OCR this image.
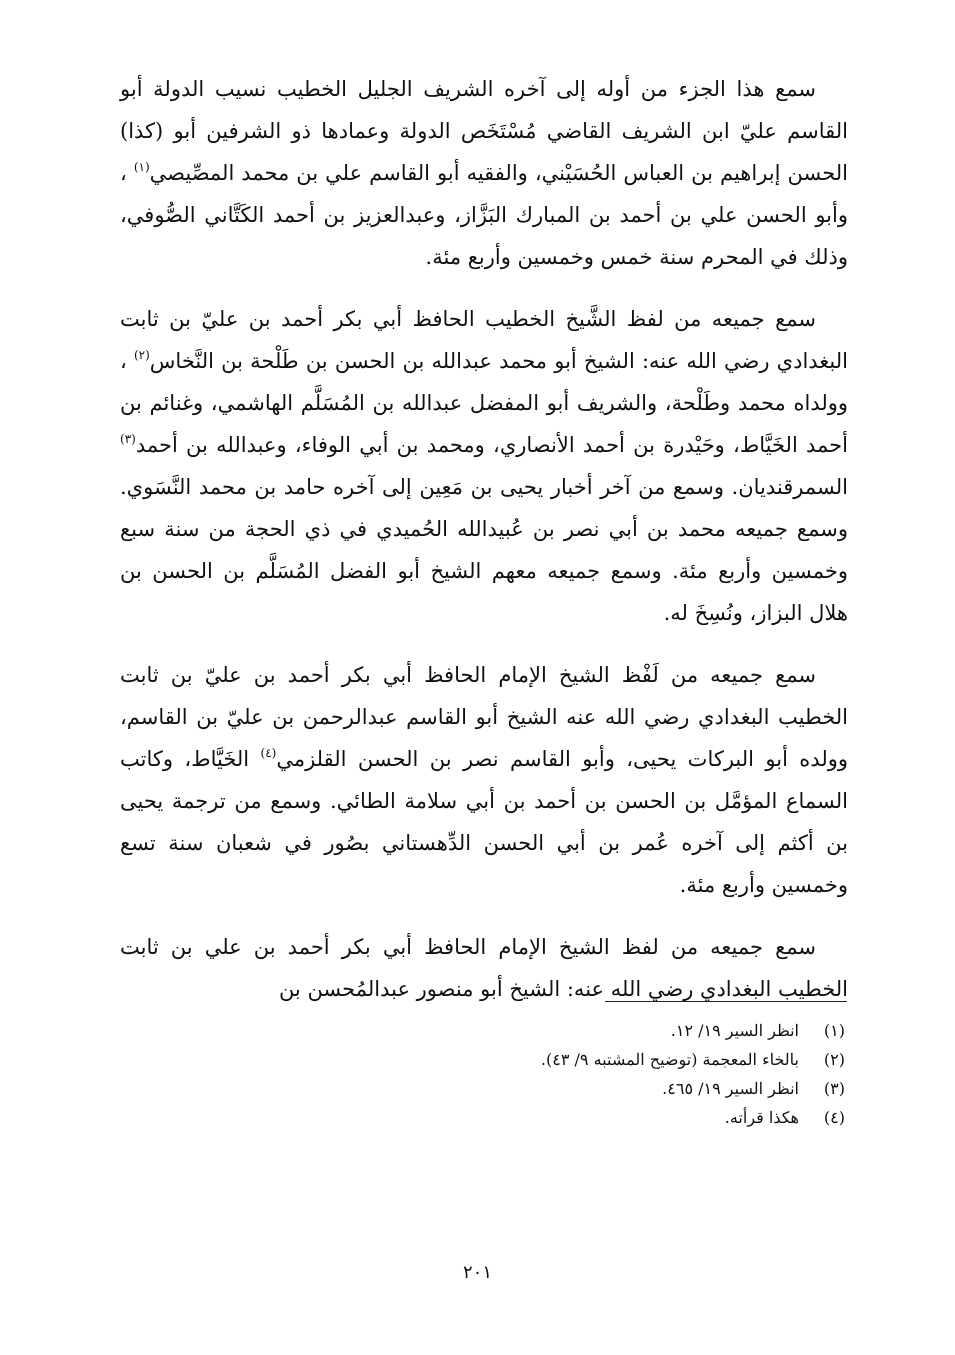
سمع هذا الجزء من أوله إلى آخره الشريف الجليل الخطيب نسيب الدولة أبو القاسم عليّ ابن الشريف القاضي مُسْتَخَص الدولة وعمادها ذو الشرفين أبو (كذا) الحسن إبراهيم بن العباس الحُسَيْني، والفقيه أبو القاسم علي بن محمد المصِّيصي$^{(١)}$ ، وأبو الحسن علي بن أحمد بن المبارك البَزَّاز، وعبدالعزيز بن أحمد الكَتَّاني الصُّوفي، وذلك في المحرم سنة خمس وخمسين وأربع مئة.

سمع جميعه من لفظ الشَّيخ الخطيب الحافظ أبي بكر أحمد بن عليّ بن ثابت البغدادي رضي الله عنه: الشيخ أبو محمد عبدالله بن الحسن بن طَلْحة بن النَّخاس$^{(٢)}$ ، وولداه محمد وطَلْحة، والشريف أبو المفضل عبدالله بن المُسَلَّم الهاشمي، وغنائم بن أحمد الخَيَّاط، وحَيْدرة بن أحمد الأنصاري، ومحمد بن أبي الوفاء، وعبدالله بن أحمد$^{(٣)}$ السمرقنديان. وسمع من آخر أخبار يحيى بن مَعِين إلى آخره حامد بن محمد النَّسَوي. وسمع جميعه محمد بن أبي نصر بن عُبيدالله الحُميدي في ذي الحجة من سنة سبع وخمسين وأربع مئة. وسمع جميعه معهم الشيخ أبو الفضل المُسَلَّم بن الحسن بن هلال البزاز، ونُسِخَ له.

سمع جميعه من لَفْظ الشيخ الإمام الحافظ أبي بكر أحمد بن عليّ بن ثابت الخطيب البغدادي رضي الله عنه الشيخ أبو القاسم عبدالرحمن بن عليّ بن القاسم، وولده أبو البركات يحيى، وأبو القاسم نصر بن الحسن القلزمي$^{(٤)}$ الخَيَّاط، وكاتب السماع المؤمَّل بن الحسن بن أحمد بن أبي سلامة الطائي. وسمع من ترجمة يحيى بن أكثم إلى آخره عُمر بن أبي الحسن الدِّهستاني بصُور في شعبان سنة تسع وخمسين وأربع مئة.

سمع جميعه من لفظ الشيخ الإمام الحافظ أبي بكر أحمد بن علي بن ثابت الخطيب البغدادي رضي الله عنه: الشيخ أبو منصور عبدالمُحسن بن

(١)انظر السير ١٩/ ١٢.
(٢)بالخاء المعجمة (توضيح المشتبه ٩/ ٤٣).
(٣)انظر السير ١٩/ ٤٦٥.
(٤)هكذا قرأته.
٢٠١
